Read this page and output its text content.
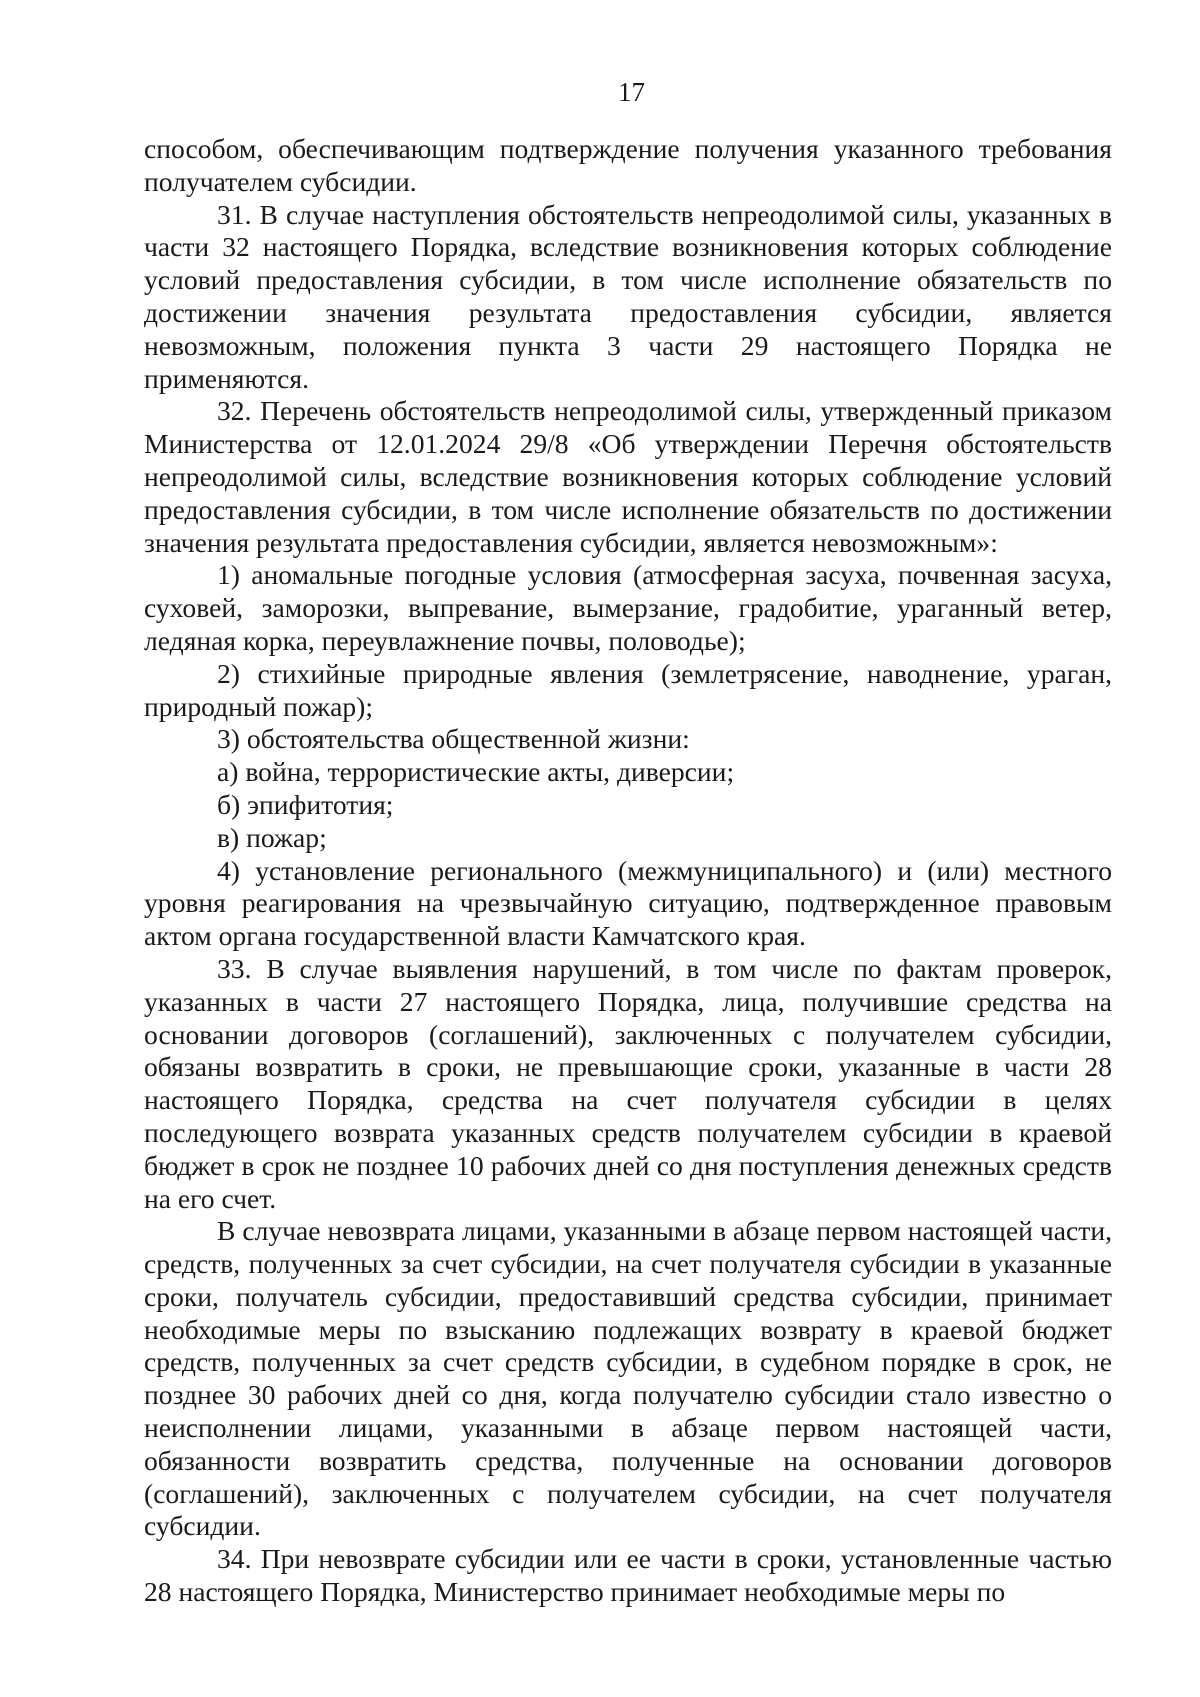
17

способом, обеспечивающим подтверждение получения указанного требования получателем субсидии.

31. В случае наступления обстоятельств непреодолимой силы, указанных в части 32 настоящего Порядка, вследствие возникновения которых соблюдение условий предоставления субсидии, в том числе исполнение обязательств по достижении значения результата предоставления субсидии, является невозможным, положения пункта 3 части 29 настоящего Порядка не применяются.

32. Перечень обстоятельств непреодолимой силы, утвержденный приказом Министерства от 12.01.2024 29/8 «Об утверждении Перечня обстоятельств непреодолимой силы, вследствие возникновения которых соблюдение условий предоставления субсидии, в том числе исполнение обязательств по достижении значения результата предоставления субсидии, является невозможным»:

1) аномальные погодные условия (атмосферная засуха, почвенная засуха, суховей, заморозки, выпревание, вымерзание, градобитие, ураганный ветер, ледяная корка, переувлажнение почвы, половодье);

2) стихийные природные явления (землетрясение, наводнение, ураган, природный пожар);

3) обстоятельства общественной жизни:

а) война, террористические акты, диверсии;

б) эпифитотия;

в) пожар;

4) установление регионального (межмуниципального) и (или) местного уровня реагирования на чрезвычайную ситуацию, подтвержденное правовым актом органа государственной власти Камчатского края.

33. В случае выявления нарушений, в том числе по фактам проверок, указанных в части 27 настоящего Порядка, лица, получившие средства на основании договоров (соглашений), заключенных с получателем субсидии, обязаны возвратить в сроки, не превышающие сроки, указанные в части 28 настоящего Порядка, средства на счет получателя субсидии в целях последующего возврата указанных средств получателем субсидии в краевой бюджет в срок не позднее 10 рабочих дней со дня поступления денежных средств на его счет.

В случае невозврата лицами, указанными в абзаце первом настоящей части, средств, полученных за счет субсидии, на счет получателя субсидии в указанные сроки, получатель субсидии, предоставивший средства субсидии, принимает необходимые меры по взысканию подлежащих возврату в краевой бюджет средств, полученных за счет средств субсидии, в судебном порядке в срок, не позднее 30 рабочих дней со дня, когда получателю субсидии стало известно о неисполнении лицами, указанными в абзаце первом настоящей части, обязанности возвратить средства, полученные на основании договоров (соглашений), заключенных с получателем субсидии, на счет получателя субсидии.

34. При невозврате субсидии или ее части в сроки, установленные частью 28 настоящего Порядка, Министерство принимает необходимые меры по
